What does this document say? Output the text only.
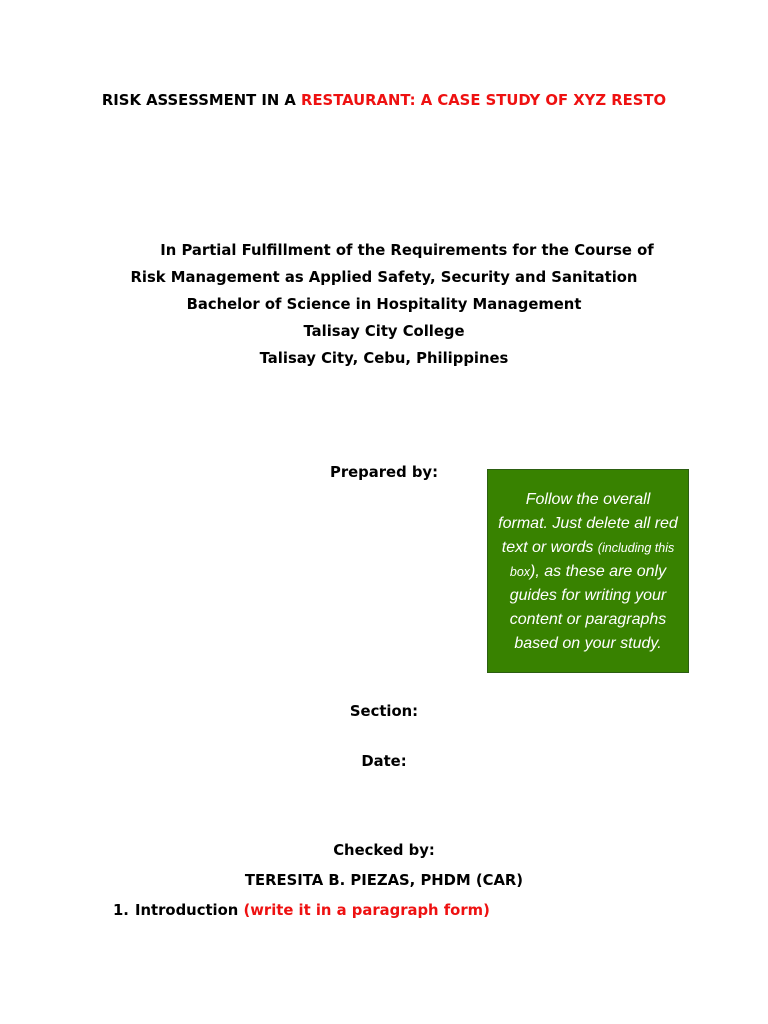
RISK ASSESSMENT IN A RESTAURANT: A CASE STUDY OF XYZ RESTO
In Partial Fulfillment of the Requirements for the Course of
Risk Management as Applied Safety, Security and Sanitation
Bachelor of Science in Hospitality Management
Talisay City College
Talisay City, Cebu, Philippines
Prepared by:
Follow the overall
format. Just delete all red
text or words (including this
box), as these are only
guides for writing your
content or paragraphs
based on your study.
Section:
Date:
Checked by:
TERESITA B. PIEZAS, PHDM (CAR)
1. Introduction (write it in a paragraph form)
